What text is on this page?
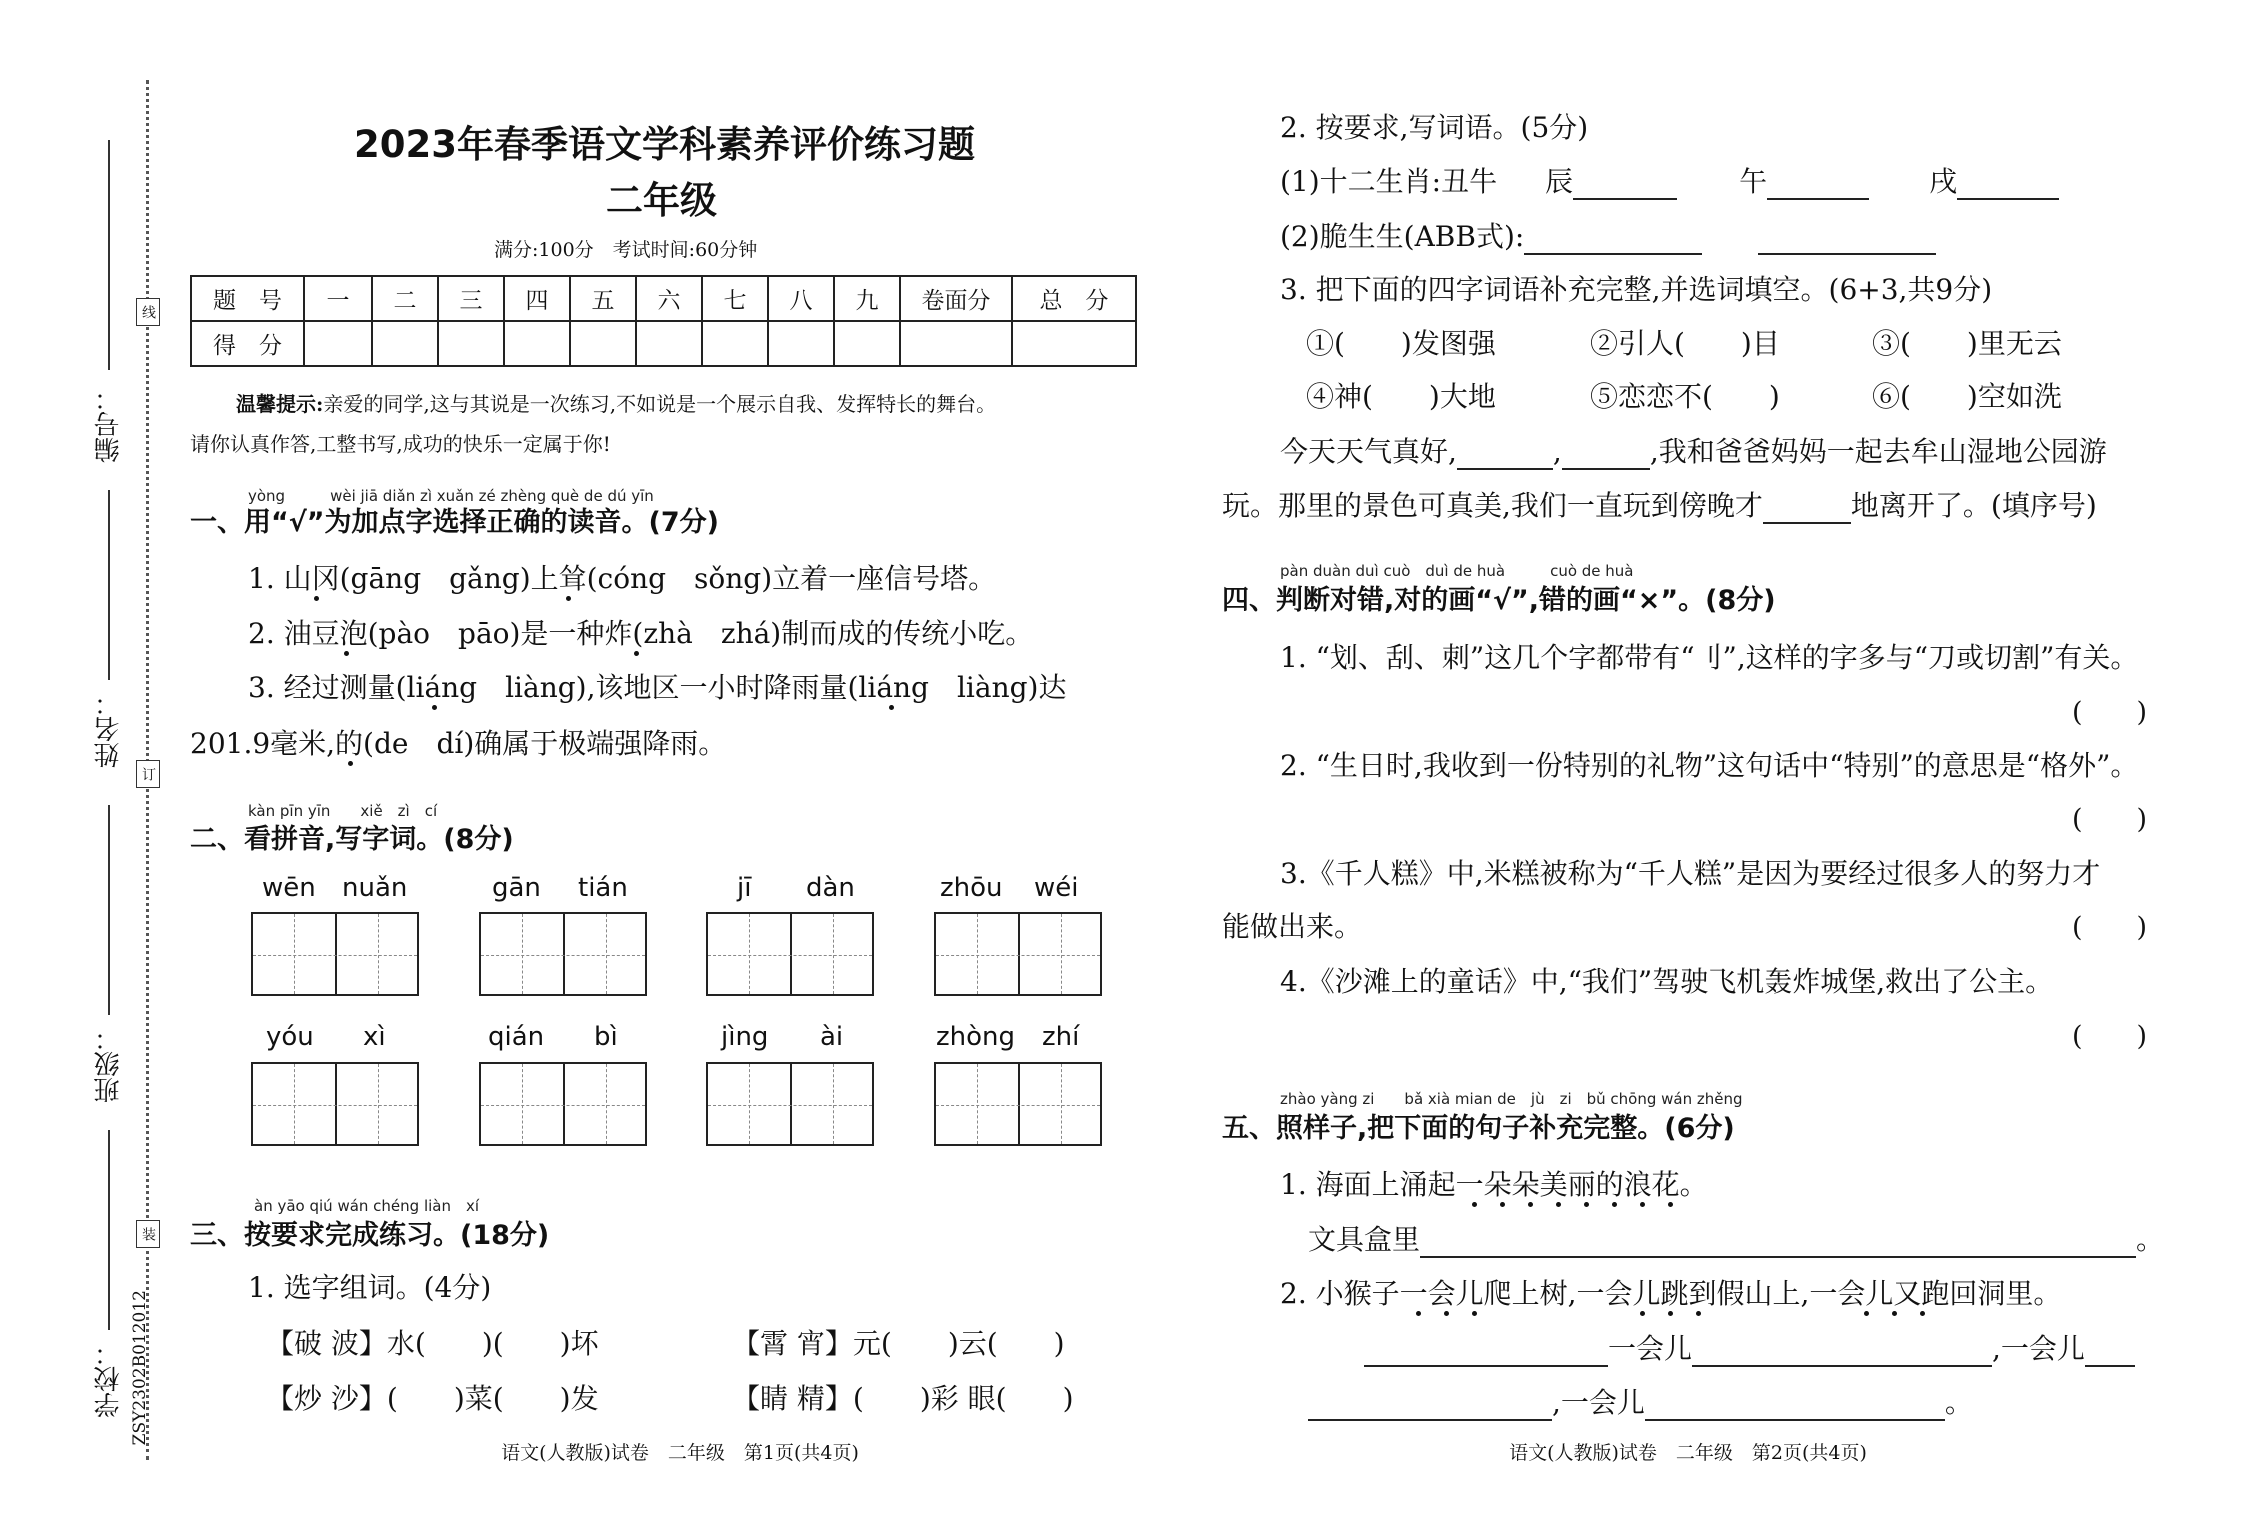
编号：
姓名：
班级：
学校：
线
订
装
ZSY2302B012012
2023年春季语文学科素养评价练习题
二年级
满分:100分　考试时间:60分钟
题　号	一	二	三	四	五	六	七	八	九	卷面分	总　分
得　分											
温馨提示:亲爱的同学,这与其说是一次练习,不如说是一个展示自我、发挥特长的舞台。
请你认真作答,工整书写,成功的快乐一定属于你!
yòng　　　wèi jiā diǎn zì xuǎn zé zhèng què de dú yīn
一、用“√”为加点字选择正确的读音。(7分)
1. 山冈(gāng　gǎng)上耸(cóng　sǒng)立着一座信号塔。
2. 油豆泡(pào　pāo)是一种炸(zhà　zhá)制而成的传统小吃。
3. 经过测量(liáng　liàng),该地区一小时降雨量(liáng　liàng)达
201.9毫米,的(de　dí)确属于极端强降雨。
kàn pīn yīn　　xiě　zì　cí
二、看拼音,写字词。(8分)
wēn nuǎn	gān tián	jī dàn	zhōu wéi
yóu xì	qián bì	jìng ài	zhòng zhí
àn yāo qiú wán chéng liàn　xí
三、按要求完成练习。(18分)
1. 选字组词。(4分)
【破 波】水(　　)(　　)坏	【霄 宵】元(　　)云(　　)
【炒 沙】(　　)菜(　　)发	【睛 精】(　　)彩 眼(　　)
语文(人教版)试卷　二年级　第1页(共4页)
2. 按要求,写词语。(5分)
(1)十二生肖:丑牛 辰	午	戌
(2)脆生生(ABB式):
3. 把下面的四字词语补充完整,并选词填空。(6+3,共9分)
①(　　)发图强	②引人(　　)目	③(　　)里无云
④神(　　)大地	⑤恋恋不(　　)	⑥(　　)空如洗
今天天气真好,	,	,我和爸爸妈妈一起去牟山湿地公园游
玩。那里的景色可真美,我们一直玩到傍晚才	地离开了。(填序号)
pàn duàn duì cuò　duì de huà　　　cuò de huà
四、判断对错,对的画“√”,错的画“×”。(8分)
1. “划、刮、刺”这几个字都带有“刂”,这样的字多与“刀或切割”有关。
(　　)
2. “生日时,我收到一份特别的礼物”这句话中“特别”的意思是“格外”。
(　　)
3.《千人糕》中,米糕被称为“千人糕”是因为要经过很多人的努力才
能做出来。	(　　)
4.《沙滩上的童话》中,“我们”驾驶飞机轰炸城堡,救出了公主。
(　　)
zhào yàng zi　　bǎ xià mian de　jù　zi　bǔ chōng wán zhěng
五、照样子,把下面的句子补充完整。(6分)
1. 海面上涌起一朵朵美丽的浪花。
文具盒里	。
2. 小猴子一会儿爬上树,一会儿跳到假山上,一会儿又跑回洞里。
一会儿	,一会儿
,一会儿	。
语文(人教版)试卷　二年级　第2页(共4页)
